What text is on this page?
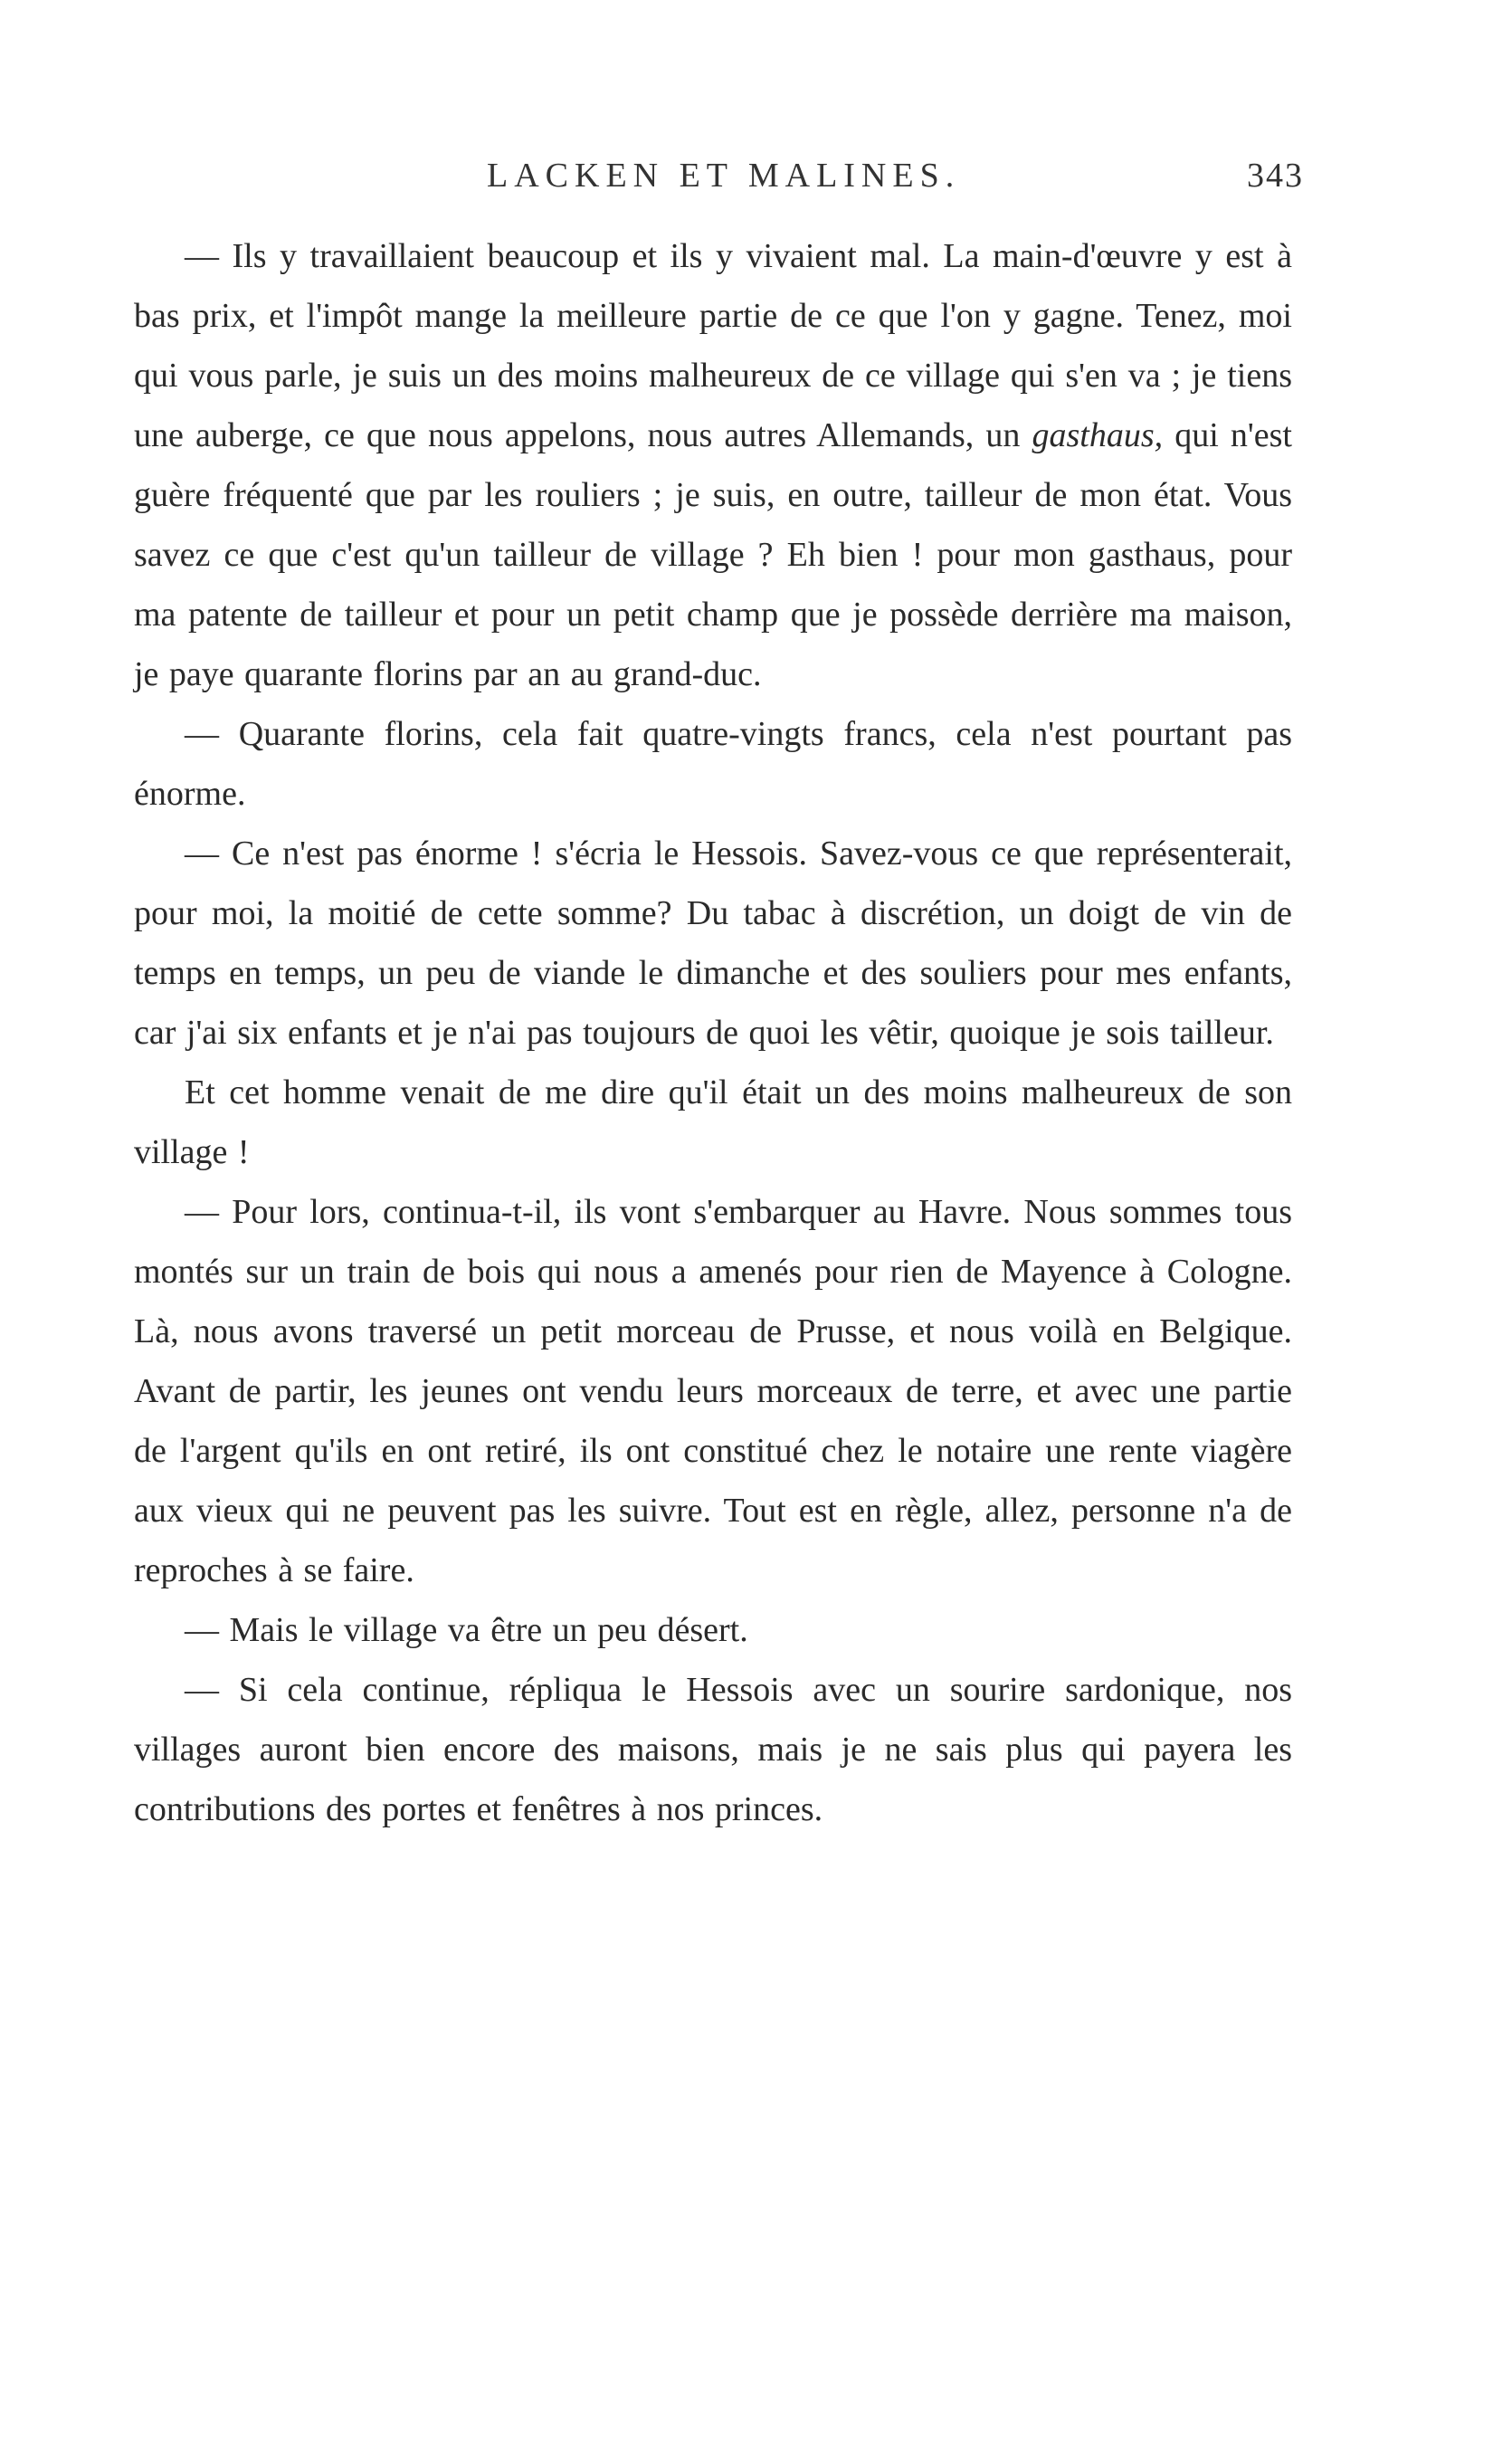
LACKEN ET MALINES.	343

— Ils y travaillaient beaucoup et ils y vivaient mal. La main-d'œuvre y est à bas prix, et l'impôt mange la meilleure partie de ce que l'on y gagne. Tenez, moi qui vous parle, je suis un des moins malheureux de ce village qui s'en va ; je tiens une auberge, ce que nous appelons, nous autres Allemands, un gasthaus, qui n'est guère fréquenté que par les rouliers ; je suis, en outre, tailleur de mon état. Vous savez ce que c'est qu'un tailleur de village ? Eh bien ! pour mon gasthaus, pour ma patente de tailleur et pour un petit champ que je possède derrière ma maison, je paye quarante florins par an au grand-duc.

— Quarante florins, cela fait quatre-vingts francs, cela n'est pourtant pas énorme.

— Ce n'est pas énorme ! s'écria le Hessois. Savez-vous ce que représenterait, pour moi, la moitié de cette somme? Du tabac à discrétion, un doigt de vin de temps en temps, un peu de viande le dimanche et des souliers pour mes enfants, car j'ai six enfants et je n'ai pas toujours de quoi les vêtir, quoique je sois tailleur.

Et cet homme venait de me dire qu'il était un des moins malheureux de son village !

— Pour lors, continua-t-il, ils vont s'embarquer au Havre. Nous sommes tous montés sur un train de bois qui nous a amenés pour rien de Mayence à Cologne. Là, nous avons traversé un petit morceau de Prusse, et nous voilà en Belgique. Avant de partir, les jeunes ont vendu leurs morceaux de terre, et avec une partie de l'argent qu'ils en ont retiré, ils ont constitué chez le notaire une rente viagère aux vieux qui ne peuvent pas les suivre. Tout est en règle, allez, personne n'a de reproches à se faire.

— Mais le village va être un peu désert.

— Si cela continue, répliqua le Hessois avec un sourire sardonique, nos villages auront bien encore des maisons, mais je ne sais plus qui payera les contributions des portes et fenêtres à nos princes.
